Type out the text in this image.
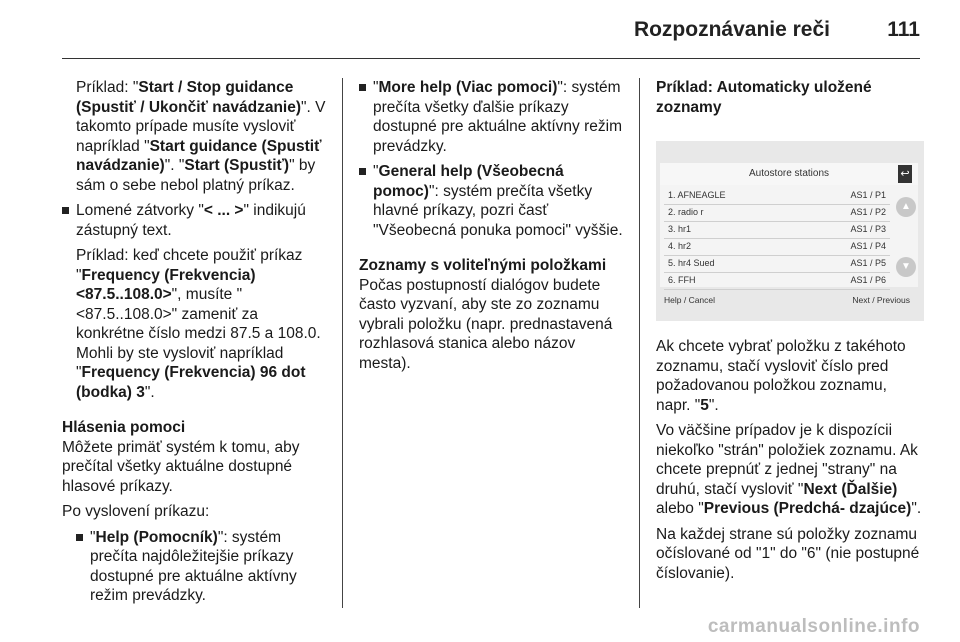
Rozpoznávanie reči	111

Príklad: "Start / Stop guidance (Spustiť / Ukončiť navádzanie)". V takomto prípade musíte vysloviť napríklad "Start guidance (Spustiť navádzanie)". "Start (Spustiť)" by sám o sebe nebol platný príkaz.

Lomené zátvorky "< ... >" indikujú zástupný text.

Príklad: keď chcete použiť príkaz "Frequency (Frekvencia) <87.5..108.0>", musíte "<87.5..108.0>" zameniť za konkrétne číslo medzi 87.5 a 108.0. Mohli by ste vysloviť napríklad "Frequency (Frekvencia) 96 dot (bodka) 3".

Hlásenia pomoci

Môžete primäť systém k tomu, aby prečítal všetky aktuálne dostupné hlasové príkazy.

Po vyslovení príkazu:

"Help (Pomocník)": systém prečíta najdôležitejšie príkazy dostupné pre aktuálne aktívny režim prevádzky.
"More help (Viac pomoci)": systém prečíta všetky ďalšie príkazy dostupné pre aktuálne aktívny režim prevádzky.
"General help (Všeobecná pomoc)": systém prečíta všetky hlavné príkazy, pozri časť "Všeobecná ponuka pomoci" vyššie.

Zoznamy s voliteľnými položkami

Počas postupností dialógov budete často vyzvaní, aby ste zo zoznamu vybrali položku (napr. prednastavená rozhlasová stanica alebo názov mesta).

Príklad: Automaticky uložené zoznamy

Autostore stations	↩
1. AFNEAGLE	AS1 / P1
2. radio r	AS1 / P2
3. hr1	AS1 / P3
4. hr2	AS1 / P4
5. hr4 Sued	AS1 / P5
6. FFH	AS1 / P6
▲
▼
Help / Cancel	Next / Previous

Ak chcete vybrať položku z takéhoto zoznamu, stačí vysloviť číslo pred požadovanou položkou zoznamu, napr. "5".

Vo väčšine prípadov je k dispozícii niekoľko "strán" položiek zoznamu. Ak chcete prepnúť z jednej "strany" na druhú, stačí vysloviť "Next (Ďalšie) alebo "Previous (Predchá- dzajúce)".

Na každej strane sú položky zoznamu očíslované od "1" do "6" (nie postupné číslovanie).

carmanualsonline.info
